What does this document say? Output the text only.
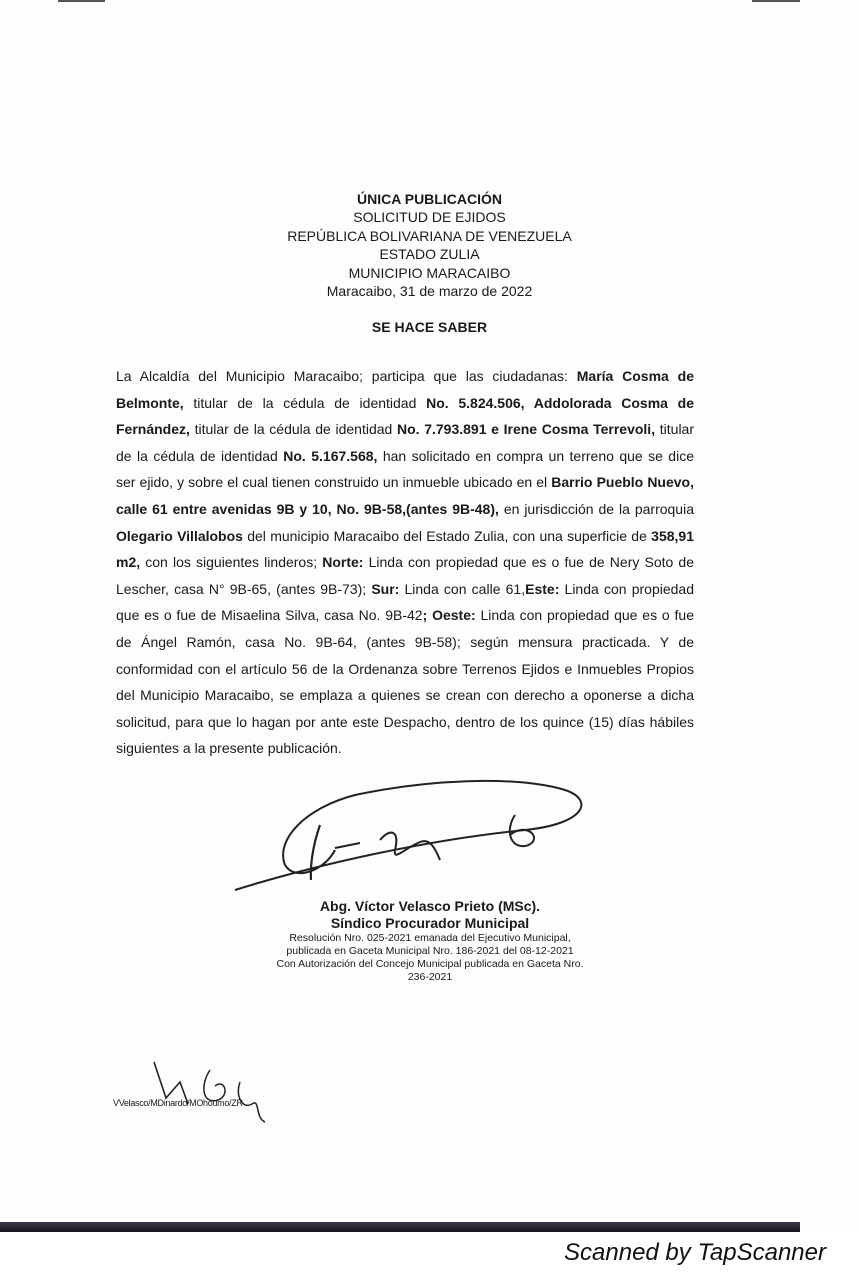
ÚNICA PUBLICACIÓN
SOLICITUD DE EJIDOS
REPÚBLICA BOLIVARIANA DE VENEZUELA
ESTADO ZULIA
MUNICIPIO MARACAIBO
Maracaibo, 31 de marzo de 2022
SE HACE SABER
La Alcaldía del Municipio Maracaibo; participa que las ciudadanas: María Cosma de Belmonte, titular de la cédula de identidad No. 5.824.506, Addolorada Cosma de Fernández, titular de la cédula de identidad No. 7.793.891 e Irene Cosma Terrevoli, titular de la cédula de identidad No. 5.167.568, han solicitado en compra un terreno que se dice ser ejido, y sobre el cual tienen construido un inmueble ubicado en el Barrio Pueblo Nuevo, calle 61 entre avenidas 9B y 10, No. 9B-58,(antes 9B-48), en jurisdicción de la parroquia Olegario Villalobos del municipio Maracaibo del Estado Zulia, con una superficie de 358,91 m2, con los siguientes linderos; Norte: Linda con propiedad que es o fue de Nery Soto de Lescher, casa N° 9B-65, (antes 9B-73); Sur: Linda con calle 61,Este: Linda con propiedad que es o fue de Misaelina Silva, casa No. 9B-42; Oeste: Linda con propiedad que es o fue de Ángel Ramón, casa No. 9B-64, (antes 9B-58); según mensura practicada. Y de conformidad con el artículo 56 de la Ordenanza sobre Terrenos Ejidos e Inmuebles Propios del Municipio Maracaibo, se emplaza a quienes se crean con derecho a oponerse a dicha solicitud, para que lo hagan por ante este Despacho, dentro de los quince (15) días hábiles siguientes a la presente publicación.
Abg. Víctor Velasco Prieto (MSc).
Síndico Procurador Municipal
Resolución Nro. 025-2021 emanada del Ejecutivo Municipal,
publicada en Gaceta Municipal Nro. 186-2021 del 08-12-2021
Con Autorización del Concejo Municipal publicada en Gaceta Nro.
236-2021
VVelasco/MDinardo/MOhoumo/ZR
Scanned by TapScanner
